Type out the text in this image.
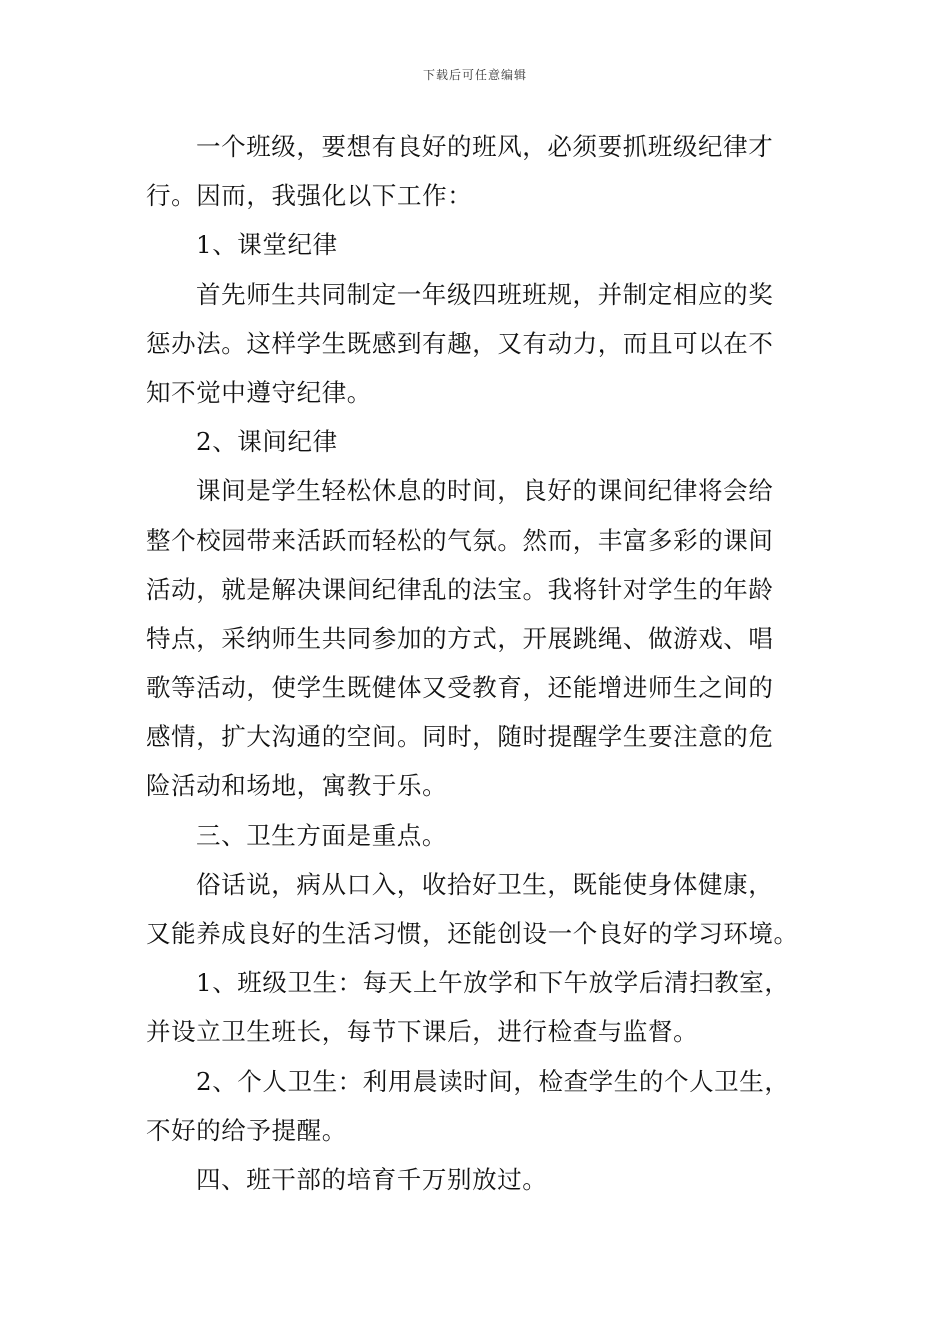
下载后可任意编辑
一个班级，要想有良好的班风，必须要抓班级纪律才
行。因而，我强化以下工作：
1、课堂纪律
首先师生共同制定一年级四班班规，并制定相应的奖
惩办法。这样学生既感到有趣，又有动力，而且可以在不
知不觉中遵守纪律。
2、课间纪律
课间是学生轻松休息的时间，良好的课间纪律将会给
整个校园带来活跃而轻松的气氛。然而，丰富多彩的课间
活动，就是解决课间纪律乱的法宝。我将针对学生的年龄
特点，采纳师生共同参加的方式，开展跳绳、做游戏、唱
歌等活动，使学生既健体又受教育，还能增进师生之间的
感情，扩大沟通的空间。同时，随时提醒学生要注意的危
险活动和场地，寓教于乐。
三、卫生方面是重点。
俗话说，病从口入，收拾好卫生，既能使身体健康，
又能养成良好的生活习惯，还能创设一个良好的学习环境。
1、班级卫生：每天上午放学和下午放学后清扫教室，
并设立卫生班长，每节下课后，进行检查与监督。
2、个人卫生：利用晨读时间，检查学生的个人卫生，
不好的给予提醒。
四、班干部的培育千万别放过。
